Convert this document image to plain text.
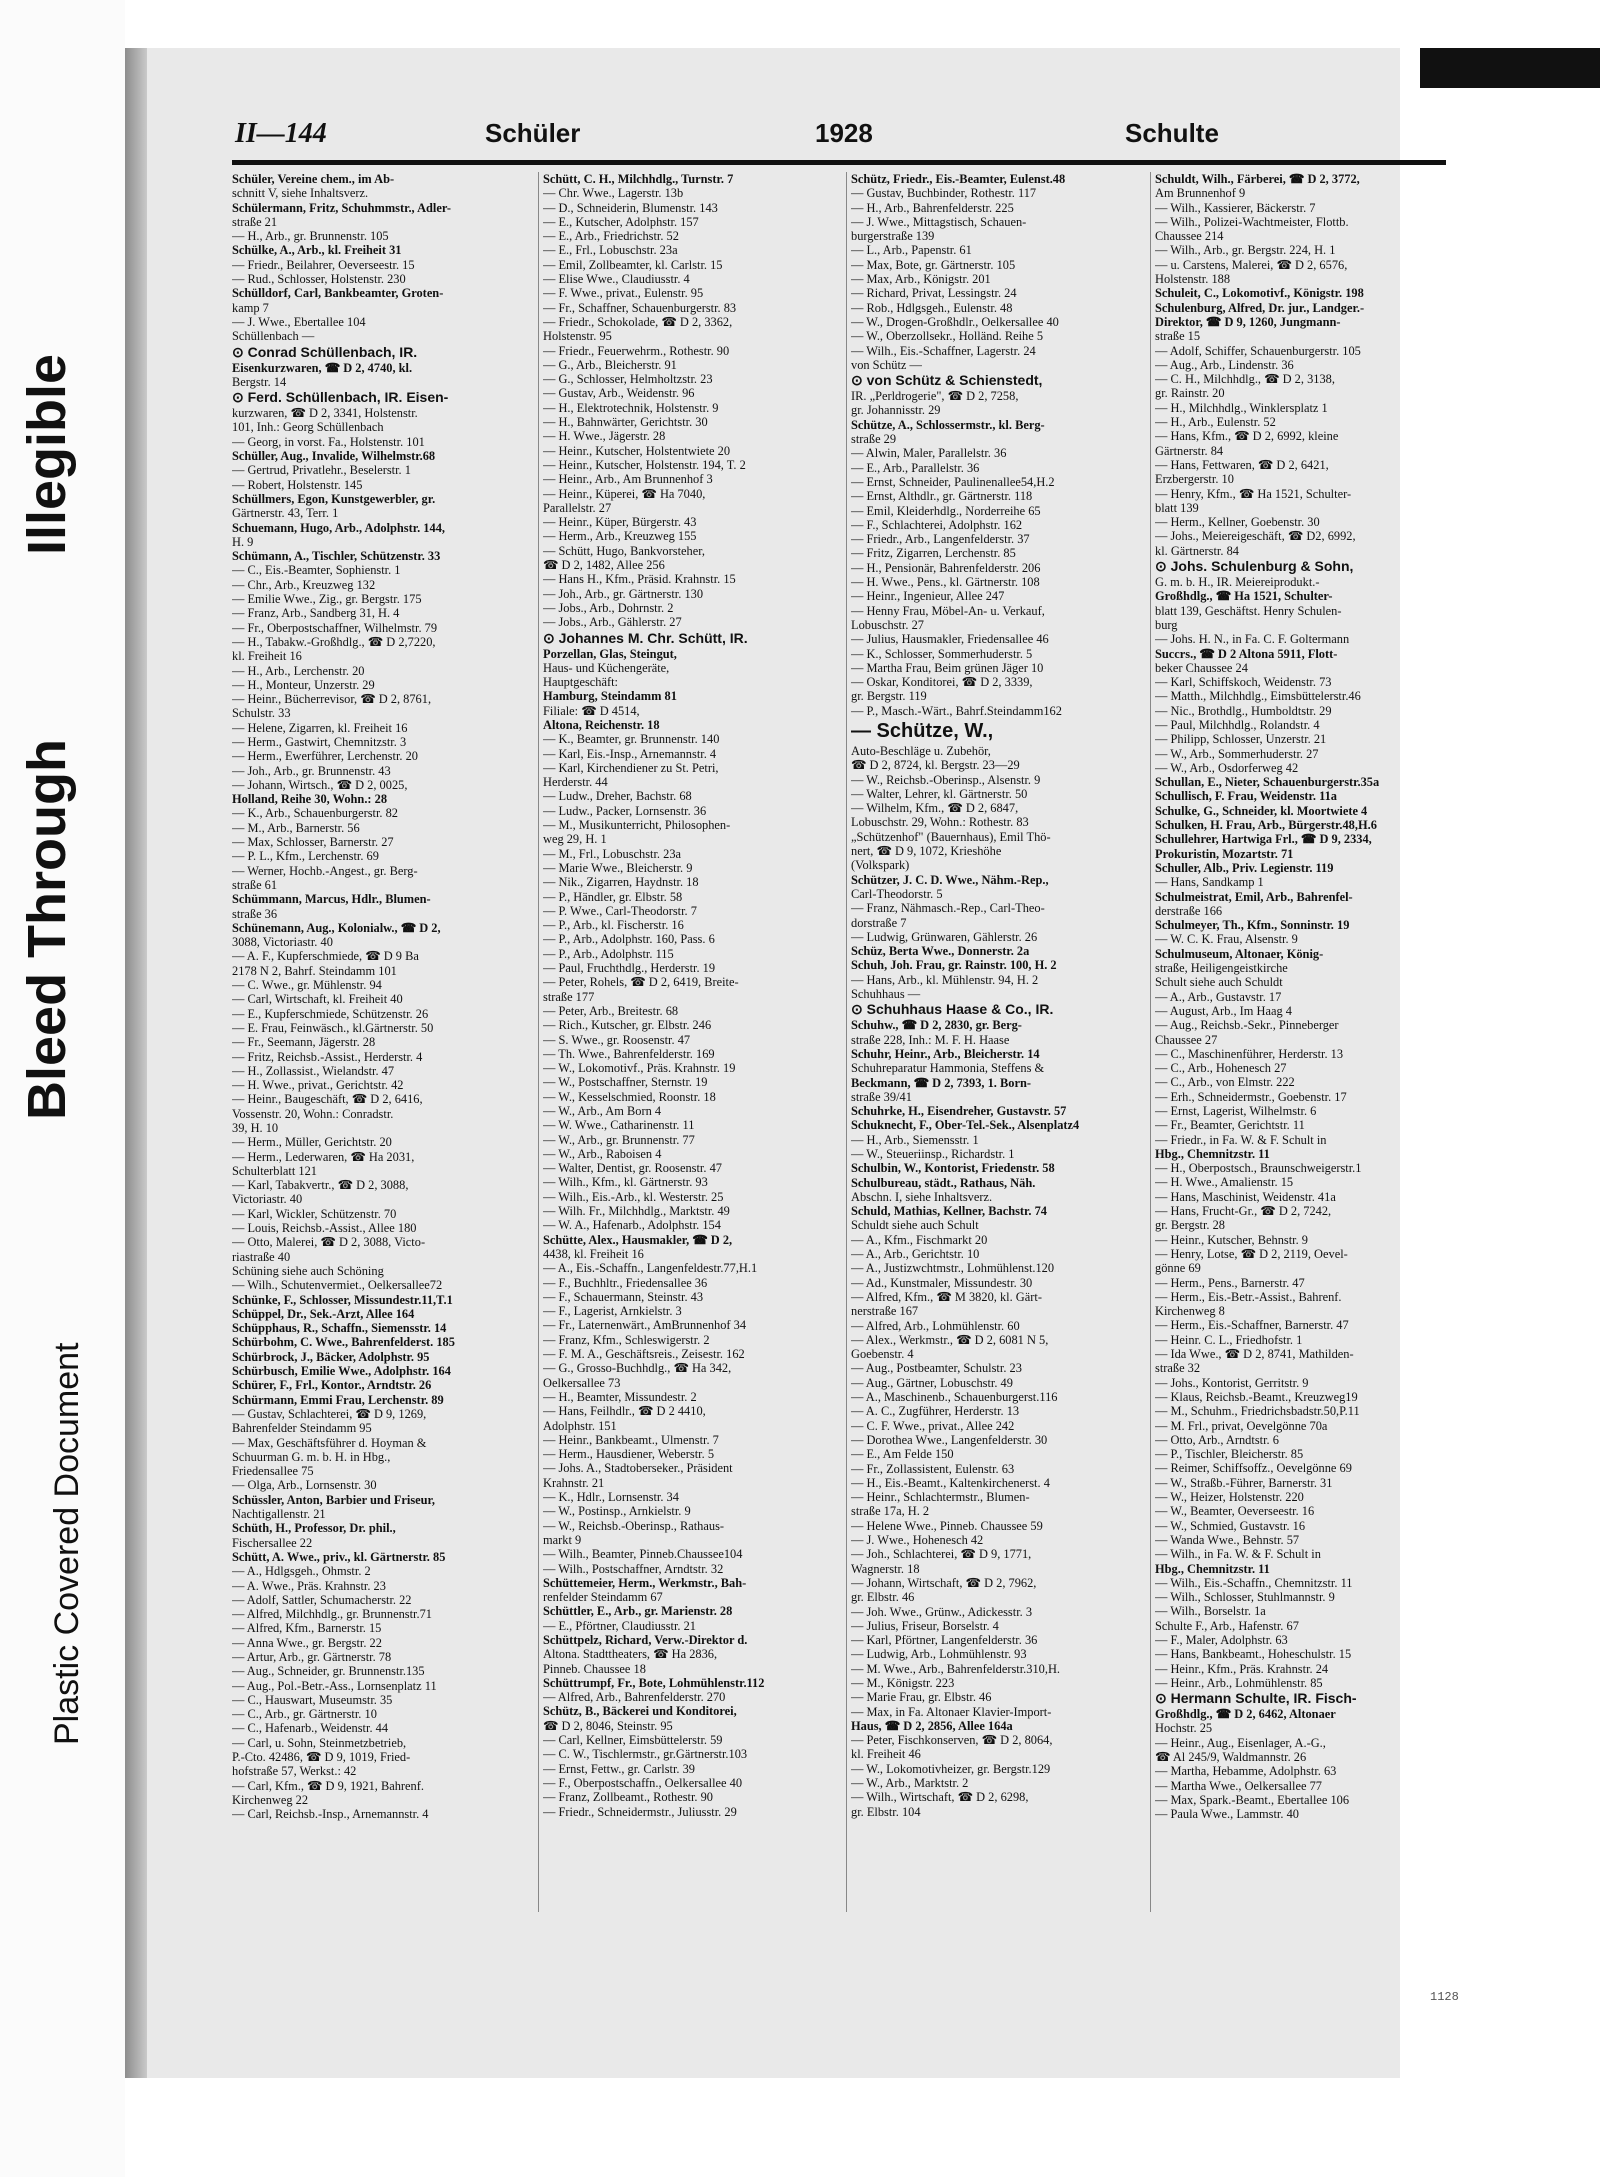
Plastic Covered Document
Bleed Through
Illegible
II—144	Schüler	1928	Schulte
Schüler, Vereine chem., im Ab-
schnitt V, siehe Inhaltsverz.
Schülermann, Fritz, Schuhmmstr., Adler-
straße 21
— H., Arb., gr. Brunnenstr. 105
Schülke, A., Arb., kl. Freiheit 31
— Friedr., Beilahrer, Oeverseestr. 15
— Rud., Schlosser, Holstenstr. 230
Schülldorf, Carl, Bankbeamter, Groten-
kamp 7
— J. Wwe., Ebertallee 104
Schüllenbach —
⊙ Conrad Schüllenbach, IR.
Eisenkurzwaren, ☎ D 2, 4740, kl.
Bergstr. 14
⊙ Ferd. Schüllenbach, IR. Eisen-
kurzwaren, ☎ D 2, 3341, Holstenstr.
101, Inh.: Georg Schüllenbach
— Georg, in vorst. Fa., Holstenstr. 101
Schüller, Aug., Invalide, Wilhelmstr.68
— Gertrud, Privatlehr., Beselerstr. 1
— Robert, Holstenstr. 145
Schüllmers, Egon, Kunstgewerbler, gr.
Gärtnerstr. 43, Terr. 1
Schuemann, Hugo, Arb., Adolphstr. 144,
H. 9
Schümann, A., Tischler, Schützenstr. 33
— C., Eis.-Beamter, Sophienstr. 1
— Chr., Arb., Kreuzweg 132
— Emilie Wwe., Zig., gr. Bergstr. 175
— Franz, Arb., Sandberg 31, H. 4
— Fr., Oberpostschaffner, Wilhelmstr. 79
— H., Tabakw.-Großhdlg., ☎ D 2,7220,
kl. Freiheit 16
— H., Arb., Lerchenstr. 20
— H., Monteur, Unzerstr. 29
— Heinr., Bücherrevisor, ☎ D 2, 8761,
Schulstr. 33
— Helene, Zigarren, kl. Freiheit 16
— Herm., Gastwirt, Chemnitzstr. 3
— Herm., Ewerführer, Lerchenstr. 20
— Joh., Arb., gr. Brunnenstr. 43
— Johann, Wirtsch., ☎ D 2, 0025,
Holland, Reihe 30, Wohn.: 28
— K., Arb., Schauenburgerstr. 82
— M., Arb., Barnerstr. 56
— Max, Schlosser, Barnerstr. 27
— P. L., Kfm., Lerchenstr. 69
— Werner, Hochb.-Angest., gr. Berg-
straße 61
Schümmann, Marcus, Hdlr., Blumen-
straße 36
Schünemann, Aug., Kolonialw., ☎ D 2,
3088, Victoriastr. 40
— A. F., Kupferschmiede, ☎ D 9 Ba
2178 N 2, Bahrf. Steindamm 101
— C. Wwe., gr. Mühlenstr. 94
— Carl, Wirtschaft, kl. Freiheit 40
— E., Kupferschmiede, Schützenstr. 26
— E. Frau, Feinwäsch., kl.Gärtnerstr. 50
— Fr., Seemann, Jägerstr. 28
— Fritz, Reichsb.-Assist., Herderstr. 4
— H., Zollassist., Wielandstr. 47
— H. Wwe., privat., Gerichtstr. 42
— Heinr., Baugeschäft, ☎ D 2, 6416,
Vossenstr. 20, Wohn.: Conradstr.
39, H. 10
— Herm., Müller, Gerichtstr. 20
— Herm., Lederwaren, ☎ Ha 2031,
Schulterblatt 121
— Karl, Tabakvertr., ☎ D 2, 3088,
Victoriastr. 40
— Karl, Wickler, Schützenstr. 70
— Louis, Reichsb.-Assist., Allee 180
— Otto, Malerei, ☎ D 2, 3088, Victo-
riastraße 40
Schüning siehe auch Schöning
— Wilh., Schutenvermiet., Oelkersallee72
Schünke, F., Schlosser, Missundestr.11,T.1
Schüppel, Dr., Sek.-Arzt, Allee 164
Schüpphaus, R., Schaffn., Siemensstr. 14
Schürbohm, C. Wwe., Bahrenfelderst. 185
Schürbrock, J., Bäcker, Adolphstr. 95
Schürbusch, Emilie Wwe., Adolphstr. 164
Schürer, F., Frl., Kontor., Arndtstr. 26
Schürmann, Emmi Frau, Lerchenstr. 89
— Gustav, Schlachterei, ☎ D 9, 1269,
Bahrenfelder Steindamm 95
— Max, Geschäftsführer d. Hoyman &
Schuurman G. m. b. H. in Hbg.,
Friedensallee 75
— Olga, Arb., Lornsenstr. 30
Schüssler, Anton, Barbier und Friseur,
Nachtigallenstr. 21
Schüth, H., Professor, Dr. phil.,
Fischersallee 22
Schütt, A. Wwe., priv., kl. Gärtnerstr. 85
— A., Hdlgsgeh., Ohmstr. 2
— A. Wwe., Präs. Krahnstr. 23
— Adolf, Sattler, Schumacherstr. 22
— Alfred, Milchhdlg., gr. Brunnenstr.71
— Alfred, Kfm., Barnerstr. 15
— Anna Wwe., gr. Bergstr. 22
— Artur, Arb., gr. Gärtnerstr. 78
— Aug., Schneider, gr. Brunnenstr.135
— Aug., Pol.-Betr.-Ass., Lornsenplatz 11
— C., Hauswart, Museumstr. 35
— C., Arb., gr. Gärtnerstr. 10
— C., Hafenarb., Weidenstr. 44
— Carl, u. Sohn, Steinmetzbetrieb,
P.-Cto. 42486, ☎ D 9, 1019, Fried-
hofstraße 57, Werkst.: 42
— Carl, Kfm., ☎ D 9, 1921, Bahrenf.
Kirchenweg 22
— Carl, Reichsb.-Insp., Arnemannstr. 4
Schütt, C. H., Milchhdlg., Turnstr. 7
— Chr. Wwe., Lagerstr. 13b
— D., Schneiderin, Blumenstr. 143
— E., Kutscher, Adolphstr. 157
— E., Arb., Friedrichstr. 52
— E., Frl., Lobuschstr. 23a
— Emil, Zollbeamter, kl. Carlstr. 15
— Elise Wwe., Claudiusstr. 4
— F. Wwe., privat., Eulenstr. 95
— Fr., Schaffner, Schauenburgerstr. 83
— Friedr., Schokolade, ☎ D 2, 3362,
Holstenstr. 95
— Friedr., Feuerwehrm., Rothestr. 90
— G., Arb., Bleicherstr. 91
— G., Schlosser, Helmholtzstr. 23
— Gustav, Arb., Weidenstr. 96
— H., Elektrotechnik, Holstenstr. 9
— H., Bahnwärter, Gerichtstr. 30
— H. Wwe., Jägerstr. 28
— Heinr., Kutscher, Holstentwiete 20
— Heinr., Kutscher, Holstenstr. 194, T. 2
— Heinr., Arb., Am Brunnenhof 3
— Heinr., Küperei, ☎ Ha 7040,
Parallelstr. 27
— Heinr., Küper, Bürgerstr. 43
— Herm., Arb., Kreuzweg 155
— Schütt, Hugo, Bankvorsteher,
☎ D 2, 1482, Allee 256
— Hans H., Kfm., Präsid. Krahnstr. 15
— Joh., Arb., gr. Gärtnerstr. 130
— Jobs., Arb., Dohrnstr. 2
— Jobs., Arb., Gählerstr. 27
⊙ Johannes M. Chr. Schütt, IR.
Porzellan, Glas, Steingut,
Haus- und Küchengeräte,
Hauptgeschäft:
Hamburg, Steindamm 81
Filiale: ☎ D 4514,
Altona, Reichenstr. 18
— K., Beamter, gr. Brunnenstr. 140
— Karl, Eis.-Insp., Arnemannstr. 4
— Karl, Kirchendiener zu St. Petri,
Herderstr. 44
— Ludw., Dreher, Bachstr. 68
— Ludw., Packer, Lornsenstr. 36
— M., Musikunterricht, Philosophen-
weg 29, H. 1
— M., Frl., Lobuschstr. 23a
— Marie Wwe., Bleicherstr. 9
— Nik., Zigarren, Haydnstr. 18
— P., Händler, gr. Elbstr. 58
— P. Wwe., Carl-Theodorstr. 7
— P., Arb., kl. Fischerstr. 16
— P., Arb., Adolphstr. 160, Pass. 6
— P., Arb., Adolphstr. 115
— Paul, Fruchthdlg., Herderstr. 19
— Peter, Rohels, ☎ D 2, 6419, Breite-
straße 177
— Peter, Arb., Breitestr. 68
— Rich., Kutscher, gr. Elbstr. 246
— S. Wwe., gr. Roosenstr. 47
— Th. Wwe., Bahrenfelderstr. 169
— W., Lokomotivf., Präs. Krahnstr. 19
— W., Postschaffner, Sternstr. 19
— W., Kesselschmied, Roonstr. 18
— W., Arb., Am Born 4
— W. Wwe., Catharinenstr. 11
— W., Arb., gr. Brunnenstr. 77
— W., Arb., Raboisen 4
— Walter, Dentist, gr. Roosenstr. 47
— Wilh., Kfm., kl. Gärtnerstr. 93
— Wilh., Eis.-Arb., kl. Westerstr. 25
— Wilh. Fr., Milchhdlg., Marktstr. 49
— W. A., Hafenarb., Adolphstr. 154
Schütte, Alex., Hausmakler, ☎ D 2,
4438, kl. Freiheit 16
— A., Eis.-Schaffn., Langenfeldestr.77,H.1
— F., Buchhltr., Friedensallee 36
— F., Schauermann, Steinstr. 43
— F., Lagerist, Arnkielstr. 3
— Fr., Laternenwärt., AmBrunnenhof 34
— Franz, Kfm., Schleswigerstr. 2
— F. M. A., Geschäftsreis., Zeisestr. 162
— G., Grosso-Buchhdlg., ☎ Ha 342,
Oelkersallee 73
— H., Beamter, Missundestr. 2
— Hans, Feilhdlr., ☎ D 2 4410,
Adolphstr. 151
— Heinr., Bankbeamt., Ulmenstr. 7
— Herm., Hausdiener, Weberstr. 5
— Johs. A., Stadtoberseker., Präsident
Krahnstr. 21
— K., Hdlr., Lornsenstr. 34
— W., Postinsp., Arnkielstr. 9
— W., Reichsb.-Oberinsp., Rathaus-
markt 9
— Wilh., Beamter, Pinneb.Chaussee104
— Wilh., Postschaffner, Arndtstr. 32
Schüttemeier, Herm., Werkmstr., Bah-
renfelder Steindamm 67
Schüttler, E., Arb., gr. Marienstr. 28
— E., Pförtner, Claudiusstr. 21
Schüttpelz, Richard, Verw.-Direktor d.
Altona. Stadttheaters, ☎ Ha 2836,
Pinneb. Chaussee 18
Schüttrumpf, Fr., Bote, Lohmühlenstr.112
— Alfred, Arb., Bahrenfelderstr. 270
Schütz, B., Bäckerei und Konditorei,
☎ D 2, 8046, Steinstr. 95
— Carl, Kellner, Eimsbüttelerstr. 59
— C. W., Tischlermstr., gr.Gärtnerstr.103
— Ernst, Fettw., gr. Carlstr. 39
— F., Oberpostschaffn., Oelkersallee 40
— Franz, Zollbeamt., Rothestr. 90
— Friedr., Schneidermstr., Juliusstr. 29
Schütz, Friedr., Eis.-Beamter, Eulenst.48
— Gustav, Buchbinder, Rothestr. 117
— H., Arb., Bahrenfelderstr. 225
— J. Wwe., Mittagstisch, Schauen-
burgerstraße 139
— L., Arb., Papenstr. 61
— Max, Bote, gr. Gärtnerstr. 105
— Max, Arb., Königstr. 201
— Richard, Privat, Lessingstr. 24
— Rob., Hdlgsgeh., Eulenstr. 48
— W., Drogen-Großhdlr., Oelkersallee 40
— W., Oberzollsekr., Holländ. Reihe 5
— Wilh., Eis.-Schaffner, Lagerstr. 24
von Schütz —
⊙ von Schütz & Schienstedt,
IR. „Perldrogerie", ☎ D 2, 7258,
gr. Johannisstr. 29
Schütze, A., Schlossermstr., kl. Berg-
straße 29
— Alwin, Maler, Parallelstr. 36
— E., Arb., Parallelstr. 36
— Ernst, Schneider, Paulinenallee54,H.2
— Ernst, Althdlr., gr. Gärtnerstr. 118
— Emil, Kleiderhdlg., Norderreihe 65
— F., Schlachterei, Adolphstr. 162
— Friedr., Arb., Langenfelderstr. 37
— Fritz, Zigarren, Lerchenstr. 85
— H., Pensionär, Bahrenfelderstr. 206
— H. Wwe., Pens., kl. Gärtnerstr. 108
— Heinr., Ingenieur, Allee 247
— Henny Frau, Möbel-An- u. Verkauf,
Lobuschstr. 27
— Julius, Hausmakler, Friedensallee 46
— K., Schlosser, Sommerhuderstr. 5
— Martha Frau, Beim grünen Jäger 10
— Oskar, Konditorei, ☎ D 2, 3339,
gr. Bergstr. 119
— P., Masch.-Wärt., Bahrf.Steindamm162
— Schütze, W.,
Auto-Beschläge u. Zubehör,
☎ D 2, 8724, kl. Bergstr. 23—29
— W., Reichsb.-Oberinsp., Alsenstr. 9
— Walter, Lehrer, kl. Gärtnerstr. 50
— Wilhelm, Kfm., ☎ D 2, 6847,
Lobuschstr. 29, Wohn.: Rothestr. 83
„Schützenhof" (Bauernhaus), Emil Thö-
nert, ☎ D 9, 1072, Krieshöhe
(Volkspark)
Schützer, J. C. D. Wwe., Nähm.-Rep.,
Carl-Theodorstr. 5
— Franz, Nähmasch.-Rep., Carl-Theo-
dorstraße 7
— Ludwig, Grünwaren, Gählerstr. 26
Schüz, Berta Wwe., Donnerstr. 2a
Schuh, Joh. Frau, gr. Rainstr. 100, H. 2
— Hans, Arb., kl. Mühlenstr. 94, H. 2
Schuhhaus —
⊙ Schuhhaus Haase & Co., IR.
Schuhw., ☎ D 2, 2830, gr. Berg-
straße 228, Inh.: M. F. H. Haase
Schuhr, Heinr., Arb., Bleicherstr. 14
Schuhreparatur Hammonia, Steffens &
Beckmann, ☎ D 2, 7393, 1. Born-
straße 39/41
Schuhrke, H., Eisendreher, Gustavstr. 57
Schuknecht, F., Ober-Tel.-Sek., Alsenplatz4
— H., Arb., Siemensstr. 1
— W., Steueriinsp., Richardstr. 1
Schulbin, W., Kontorist, Friedenstr. 58
Schulbureau, städt., Rathaus, Näh.
Abschn. I, siehe Inhaltsverz.
Schuld, Mathias, Kellner, Bachstr. 74
Schuldt siehe auch Schult
— A., Kfm., Fischmarkt 20
— A., Arb., Gerichtstr. 10
— A., Justizwchtmstr., Lohmühlenst.120
— Ad., Kunstmaler, Missundestr. 30
— Alfred, Kfm., ☎ M 3820, kl. Gärt-
nerstraße 167
— Alfred, Arb., Lohmühlenstr. 60
— Alex., Werkmstr., ☎ D 2, 6081 N 5,
Goebenstr. 4
— Aug., Postbeamter, Schulstr. 23
— Aug., Gärtner, Lobuschstr. 49
— A., Maschinenb., Schauenburgerst.116
— A. C., Zugführer, Herderstr. 13
— C. F. Wwe., privat., Allee 242
— Dorothea Wwe., Langenfelderstr. 30
— E., Am Felde 150
— Fr., Zollassistent, Eulenstr. 63
— H., Eis.-Beamt., Kaltenkirchenerst. 4
— Heinr., Schlachtermstr., Blumen-
straße 17a, H. 2
— Helene Wwe., Pinneb. Chaussee 59
— J. Wwe., Hohenesch 42
— Joh., Schlachterei, ☎ D 9, 1771,
Wagnerstr. 18
— Johann, Wirtschaft, ☎ D 2, 7962,
gr. Elbstr. 46
— Joh. Wwe., Grünw., Adickesstr. 3
— Julius, Friseur, Borselstr. 4
— Karl, Pförtner, Langenfelderstr. 36
— Ludwig, Arb., Lohmühlenstr. 93
— M. Wwe., Arb., Bahrenfelderstr.310,H.
— M., Königstr. 223
— Marie Frau, gr. Elbstr. 46
— Max, in Fa. Altonaer Klavier-Import-
Haus, ☎ D 2, 2856, Allee 164a
— Peter, Fischkonserven, ☎ D 2, 8064,
kl. Freiheit 46
— W., Lokomotivheizer, gr. Bergstr.129
— W., Arb., Marktstr. 2
— Wilh., Wirtschaft, ☎ D 2, 6298,
gr. Elbstr. 104
Schuldt, Wilh., Färberei, ☎ D 2, 3772,
Am Brunnenhof 9
— Wilh., Kassierer, Bäckerstr. 7
— Wilh., Polizei-Wachtmeister, Flottb.
Chaussee 214
— Wilh., Arb., gr. Bergstr. 224, H. 1
— u. Carstens, Malerei, ☎ D 2, 6576,
Holstenstr. 188
Schuleit, C., Lokomotivf., Königstr. 198
Schulenburg, Alfred, Dr. jur., Landger.-
Direktor, ☎ D 9, 1260, Jungmann-
straße 15
— Adolf, Schiffer, Schauenburgerstr. 105
— Aug., Arb., Lindenstr. 36
— C. H., Milchhdlg., ☎ D 2, 3138,
gr. Rainstr. 20
— H., Milchhdlg., Winklersplatz 1
— H., Arb., Eulenstr. 52
— Hans, Kfm., ☎ D 2, 6992, kleine
Gärtnerstr. 84
— Hans, Fettwaren, ☎ D 2, 6421,
Erzbergerstr. 10
— Henry, Kfm., ☎ Ha 1521, Schulter-
blatt 139
— Herm., Kellner, Goebenstr. 30
— Johs., Meiereigeschäft, ☎ D2, 6992,
kl. Gärtnerstr. 84
⊙ Johs. Schulenburg & Sohn,
G. m. b. H., IR. Meiereiprodukt.-
Großhdlg., ☎ Ha 1521, Schulter-
blatt 139, Geschäftst. Henry Schulen-
burg
— Johs. H. N., in Fa. C. F. Goltermann
Succrs., ☎ D 2 Altona 5911, Flott-
beker Chaussee 24
— Karl, Schiffskoch, Weidenstr. 73
— Matth., Milchhdlg., Eimsbüttelerstr.46
— Nic., Brothdlg., Humboldtstr. 29
— Paul, Milchhdlg., Rolandstr. 4
— Philipp, Schlosser, Unzerstr. 21
— W., Arb., Sommerhuderstr. 27
— W., Arb., Osdorferweg 42
Schullan, E., Nieter, Schauenburgerstr.35a
Schullisch, F. Frau, Weidenstr. 11a
Schulke, G., Schneider, kl. Moortwiete 4
Schulken, H. Frau, Arb., Bürgerstr.48,H.6
Schullehrer, Hartwiga Frl., ☎ D 9, 2334,
Prokuristin, Mozartstr. 71
Schuller, Alb., Priv. Legienstr. 119
— Hans, Sandkamp 1
Schulmeistrat, Emil, Arb., Bahrenfel-
derstraße 166
Schulmeyer, Th., Kfm., Sonninstr. 19
— W. C. K. Frau, Alsenstr. 9
Schulmuseum, Altonaer, König-
straße, Heiligengeistkirche
Schult siehe auch Schuldt
— A., Arb., Gustavstr. 17
— August, Arb., Im Haag 4
— Aug., Reichsb.-Sekr., Pinneberger
Chaussee 27
— C., Maschinenführer, Herderstr. 13
— C., Arb., Hohenesch 27
— C., Arb., von Elmstr. 222
— Erh., Schneidermstr., Goebenstr. 17
— Ernst, Lagerist, Wilhelmstr. 6
— Fr., Beamter, Gerichtstr. 11
— Friedr., in Fa. W. & F. Schult in
Hbg., Chemnitzstr. 11
— H., Oberpostsch., Braunschweigerstr.1
— H. Wwe., Amalienstr. 15
— Hans, Maschinist, Weidenstr. 41a
— Hans, Frucht-Gr., ☎ D 2, 7242,
gr. Bergstr. 28
— Heinr., Kutscher, Behnstr. 9
— Henry, Lotse, ☎ D 2, 2119, Oevel-
gönne 69
— Herm., Pens., Barnerstr. 47
— Herm., Eis.-Betr.-Assist., Bahrenf.
Kirchenweg 8
— Herm., Eis.-Schaffner, Barnerstr. 47
— Heinr. C. L., Friedhofstr. 1
— Ida Wwe., ☎ D 2, 8741, Mathilden-
straße 32
— Johs., Kontorist, Gerritstr. 9
— Klaus, Reichsb.-Beamt., Kreuzweg19
— M., Schuhm., Friedrichsbadstr.50,P.11
— M. Frl., privat, Oevelgönne 70a
— Otto, Arb., Arndtstr. 6
— P., Tischler, Bleicherstr. 85
— Reimer, Schiffsoffz., Oevelgönne 69
— W., Straßb.-Führer, Barnerstr. 31
— W., Heizer, Holstenstr. 220
— W., Beamter, Oeverseestr. 16
— W., Schmied, Gustavstr. 16
— Wanda Wwe., Behnstr. 57
— Wilh., in Fa. W. & F. Schult in
Hbg., Chemnitzstr. 11
— Wilh., Eis.-Schaffn., Chemnitzstr. 11
— Wilh., Schlosser, Stuhlmannstr. 9
— Wilh., Borselstr. 1a
Schulte F., Arb., Hafenstr. 67
— F., Maler, Adolphstr. 63
— Hans, Bankbeamt., Hoheschulstr. 15
— Heinr., Kfm., Präs. Krahnstr. 24
— Heinr., Arb., Lohmühlenstr. 85
⊙ Hermann Schulte, IR. Fisch-
Großhdlg., ☎ D 2, 6462, Altonaer
Hochstr. 25
— Heinr., Aug., Eisenlager, A.-G.,
☎ Al 245/9, Waldmannstr. 26
— Martha, Hebamme, Adolphstr. 63
— Martha Wwe., Oelkersallee 77
— Max, Spark.-Beamt., Ebertallee 106
— Paula Wwe., Lammstr. 40
1128
